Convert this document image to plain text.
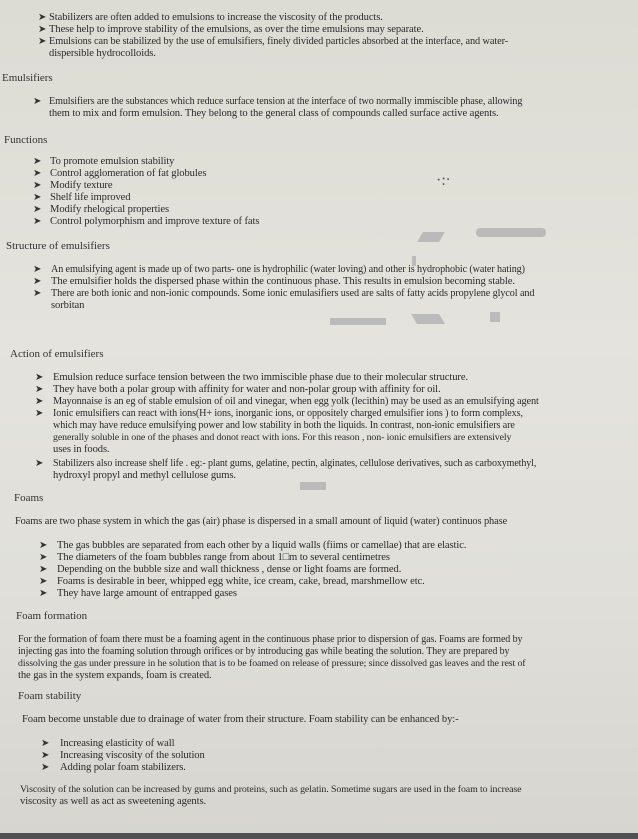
➤ Stabilizers are often added to emulsions to increase the viscosity of the products.
➤ These help to improve stability of the emulsions, as over the time emulsions may separate.
➤ Emulsions can be stabilized by the use of emulsifiers, finely divided particles absorbed at the interface, and water-
dispersible hydrocolloids.
Emulsifiers
➤ Emulsifiers are the substances which reduce surface tension at the interface of two normally immiscible phase, allowing
them to mix and form emulsion. They belong to the general class of compounds called surface active agents.
Functions
➤ To promote emulsion stability
➤ Control agglomeration of fat globules
➤ Modify texture
➤ Shelf life improved
➤ Modify rhelogical properties
➤ Control polymorphism and improve texture of fats
·:ᐧ
Structure of emulsifiers
➤ An emulsifying agent is made up of two parts- one is hydrophilic (water loving) and other is hydrophobic (water hating)
➤ The emulsifier holds the dispersed phase within the continuous phase. This results in emulsion becoming stable.
➤ There are both ionic and non-ionic compounds. Some ionic emulasifiers used are salts of fatty acids propylene glycol and
sorbitan
Action of emulsifiers
➤ Emulsion reduce surface tension between the two immiscible phase due to their molecular structure.
➤ They have both a polar group with affinity for water and non-polar group with affinity for oil.
➤ Mayonnaise is an eg of stable emulsion of oil and vinegar, when egg yolk (lecithin) may be used as an emulsifying agent
➤ Ionic emulsifiers can react with ions(H+ ions, inorganic ions, or oppositely charged emulsifier ions ) to form complexs,
which may have reduce emulsifying power and low stability in both the liquids. In contrast, non-ionic emulsifiers are
generally soluble in one of the phases and donot react with ions. For this reason , non- ionic emulsifiers are extensively
uses in foods.
➤ Stabilizers also increase shelf life . eg:- plant gums, gelatine, pectin, alginates, cellulose derivatives, such as carboxymethyl,
hydroxyl propyl and methyl cellulose gums.
Foams
Foams are two phase system in which the gas (air) phase is dispersed in a small amount of liquid (water) continuos phase
➤ The gas bubbles are separated from each other by a liquid walls (fiims or camellae) that are elastic.
➤ The diameters of the foam bubbles range from about 1□m to several centimetres
➤ Depending on the bubble size and wall thickness , dense or light foams are formed.
➤ Foams is desirable in beer, whipped egg white, ice cream, cake, bread, marshmellow etc.
➤ They have large amount of entrapped gases
Foam formation
For the formation of foam there must be a foaming agent in the continuous phase prior to dispersion of gas. Foams are formed by
injecting gas into the foaming solution through orifices or by introducing gas while beating the solution. They are prepared by
dissolving the gas under pressure in he solution that is to be foamed on release of pressure; since dissolved gas leaves and the rest of
the gas in the system expands, foam is created.
Foam stability
Foam become unstable due to drainage of water from their structure. Foam stability can be enhanced by:-
➤ Increasing elasticity of wall
➤ Increasing viscosity of the solution
➤ Adding polar foam stabilizers.
Viscosity of the solution can be increased by gums and proteins, such as gelatin. Sometime sugars are used in the foam to increase
viscosity as well as act as sweetening agents.
